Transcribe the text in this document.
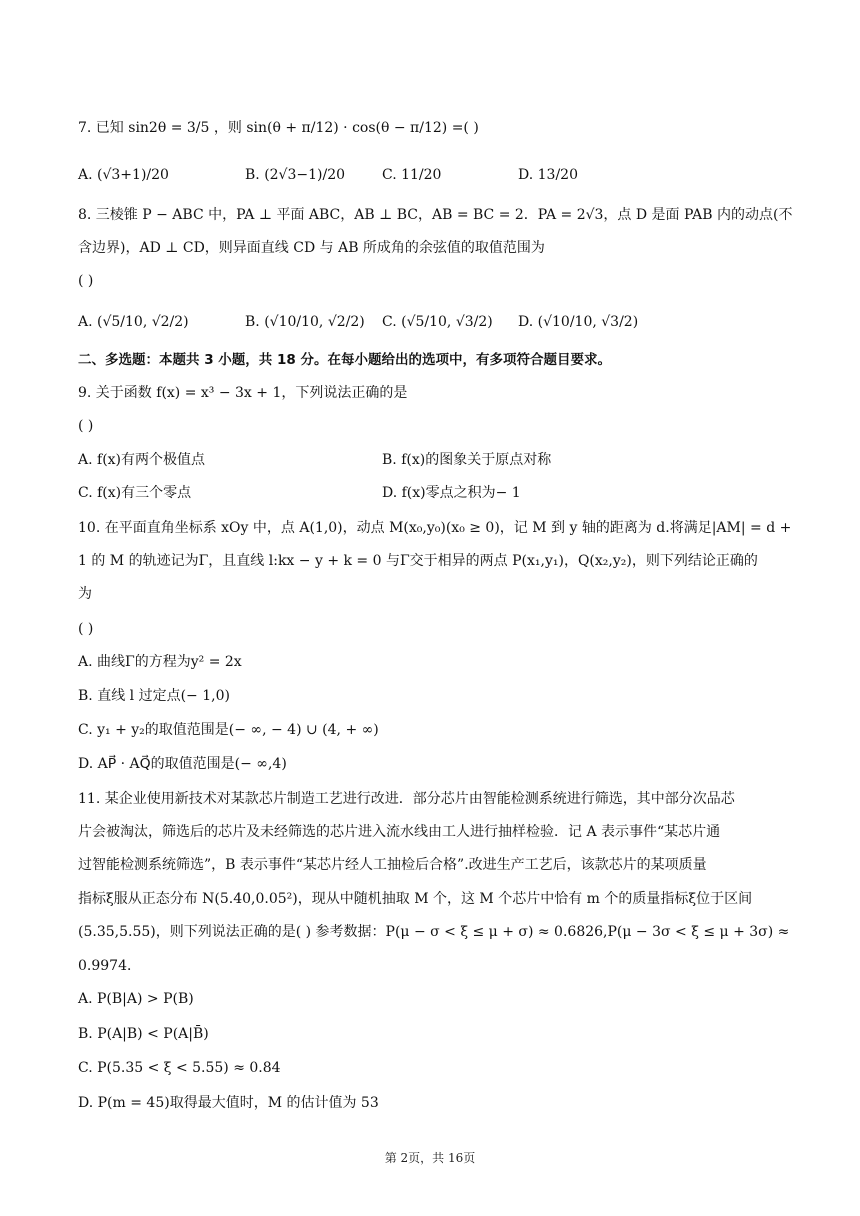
7. 已知 sin2θ = 3/5 ，则 sin(θ + π/12) · cos(θ − π/12) =( )
A. (√3+1)/20	B. (2√3−1)/20	C. 11/20	D. 13/20
8. 三棱锥 P − ABC 中，PA ⊥ 平面 ABC，AB ⊥ BC，AB = BC = 2．PA = 2√3，点 D 是面 PAB 内的动点(不
含边界)，AD ⊥ CD，则异面直线 CD 与 AB 所成角的余弦值的取值范围为
( )
A. (√5/10, √2/2)	B. (√10/10, √2/2) C. (√5/10, √3/2) D. (√10/10, √3/2)
二、多选题：本题共 3 小题，共 18 分。在每小题给出的选项中，有多项符合题目要求。
9. 关于函数 f(x) = x³ − 3x + 1，下列说法正确的是
( )
A. f(x)有两个极值点	B. f(x)的图象关于原点对称
C. f(x)有三个零点	D. f(x)零点之积为− 1
10. 在平面直角坐标系 xOy 中，点 A(1,0)，动点 M(x₀,y₀)(x₀ ≥ 0)，记 M 到 y 轴的距离为 d.将满足|AM| = d +
1 的 M 的轨迹记为Γ，且直线 l:kx − y + k = 0 与Γ交于相异的两点 P(x₁,y₁)，Q(x₂,y₂)，则下列结论正确的
为
( )
A. 曲线Γ的方程为y² = 2x
B. 直线 l 过定点(− 1,0)
C. y₁ + y₂的取值范围是(− ∞, − 4) ∪ (4, + ∞)
D. AP⃗ · AQ⃗的取值范围是(− ∞,4)
11. 某企业使用新技术对某款芯片制造工艺进行改进．部分芯片由智能检测系统进行筛选，其中部分次品芯
片会被淘汰，筛选后的芯片及未经筛选的芯片进入流水线由工人进行抽样检验．记 A 表示事件“某芯片通
过智能检测系统筛选”，B 表示事件“某芯片经人工抽检后合格”.改进生产工艺后，该款芯片的某项质量
指标ξ服从正态分布 N(5.40,0.05²)，现从中随机抽取 M 个，这 M 个芯片中恰有 m 个的质量指标ξ位于区间
(5.35,5.55)，则下列说法正确的是( ) 参考数据：P(μ − σ < ξ ≤ μ + σ) ≈ 0.6826,P(μ − 3σ < ξ ≤ μ + 3σ) ≈
0.9974．
A. P(B|A) > P(B)
B. P(A|B) < P(A|B̄)
C. P(5.35 < ξ < 5.55) ≈ 0.84
D. P(m = 45)取得最大值时，M 的估计值为 53
第 2页，共 16页
